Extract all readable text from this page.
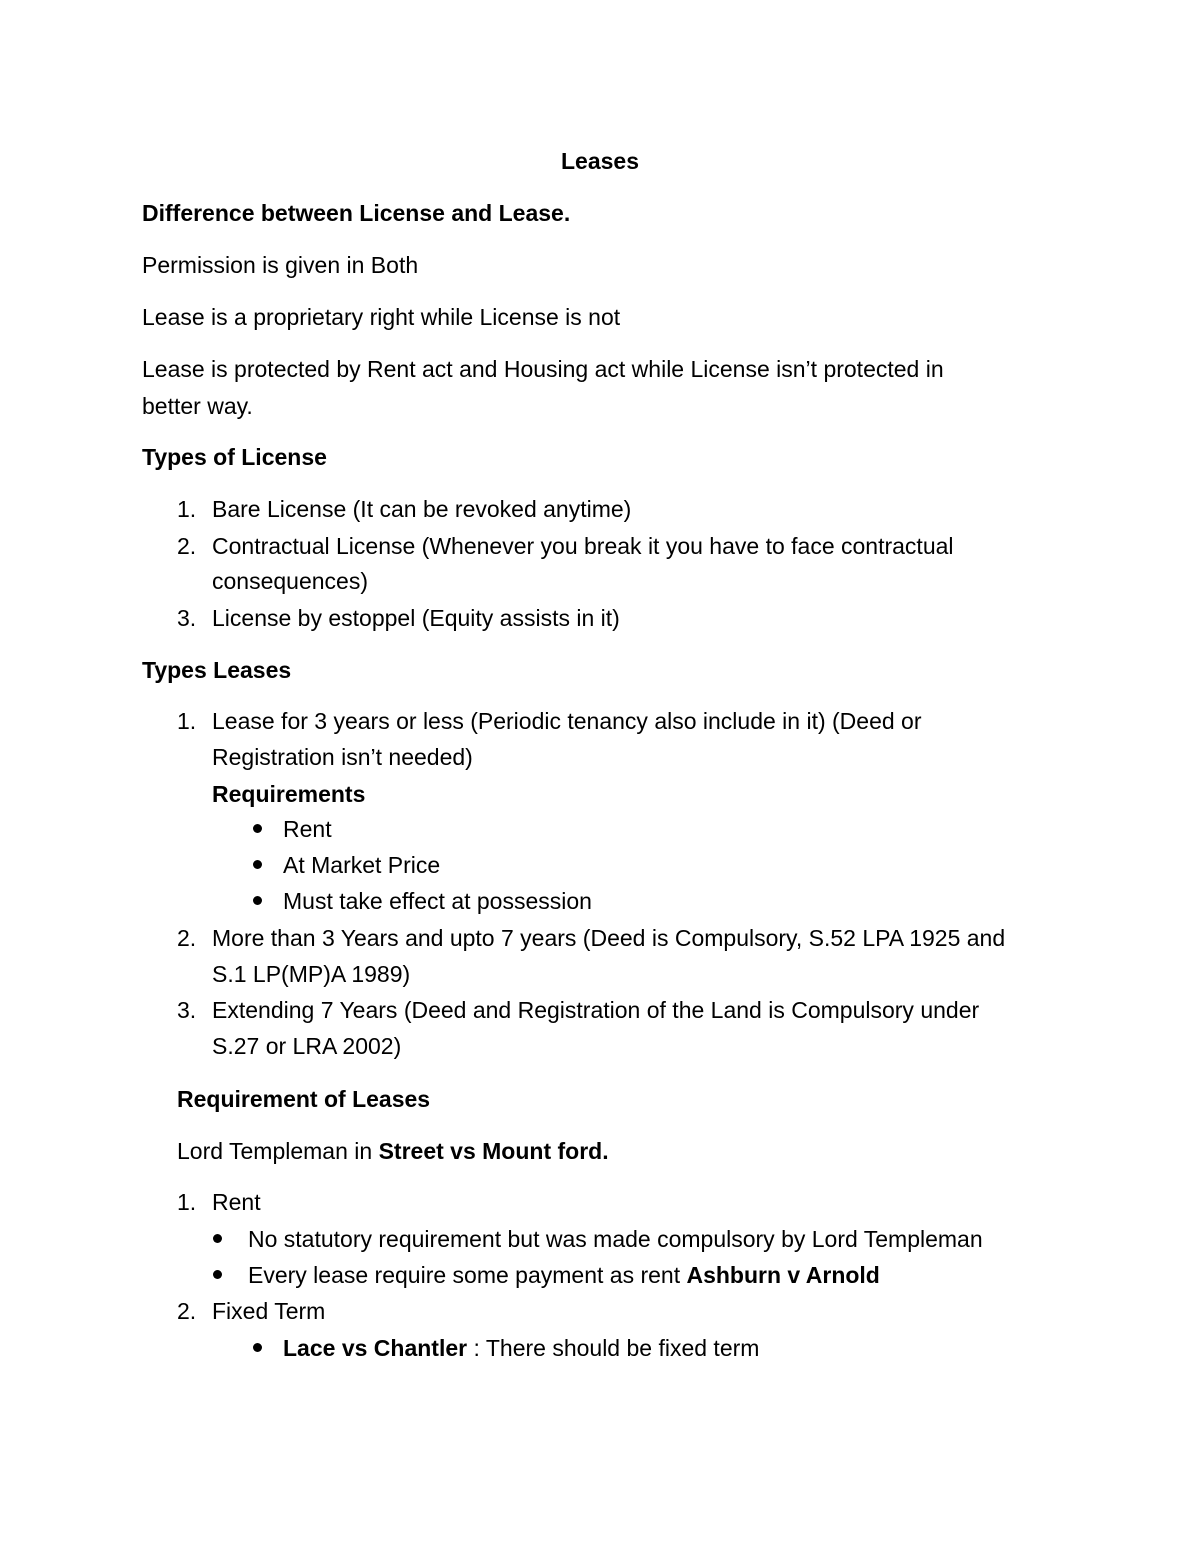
Leases
Difference between License and Lease.
Permission is given in Both
Lease is a proprietary right while License is not
Lease is protected by Rent act and Housing act while License isn’t protected in
better way.
Types of License
1. Bare License (It can be revoked anytime)
2. Contractual License (Whenever you break it you have to face contractual
consequences)
3. License by estoppel (Equity assists in it)
Types Leases
1. Lease for 3 years or less (Periodic tenancy also include in it) (Deed or
Registration isn’t needed)
Requirements
Rent
At Market Price
Must take effect at possession
2. More than 3 Years and upto 7 years (Deed is Compulsory, S.52 LPA 1925 and
S.1 LP(MP)A 1989)
3. Extending 7 Years (Deed and Registration of the Land is Compulsory under
S.27 or LRA 2002)
Requirement of Leases
Lord Templeman in Street vs Mount ford.
1. Rent
No statutory requirement but was made compulsory by Lord Templeman
Every lease require some payment as rent Ashburn v Arnold
2. Fixed Term
Lace vs Chantler : There should be fixed term
